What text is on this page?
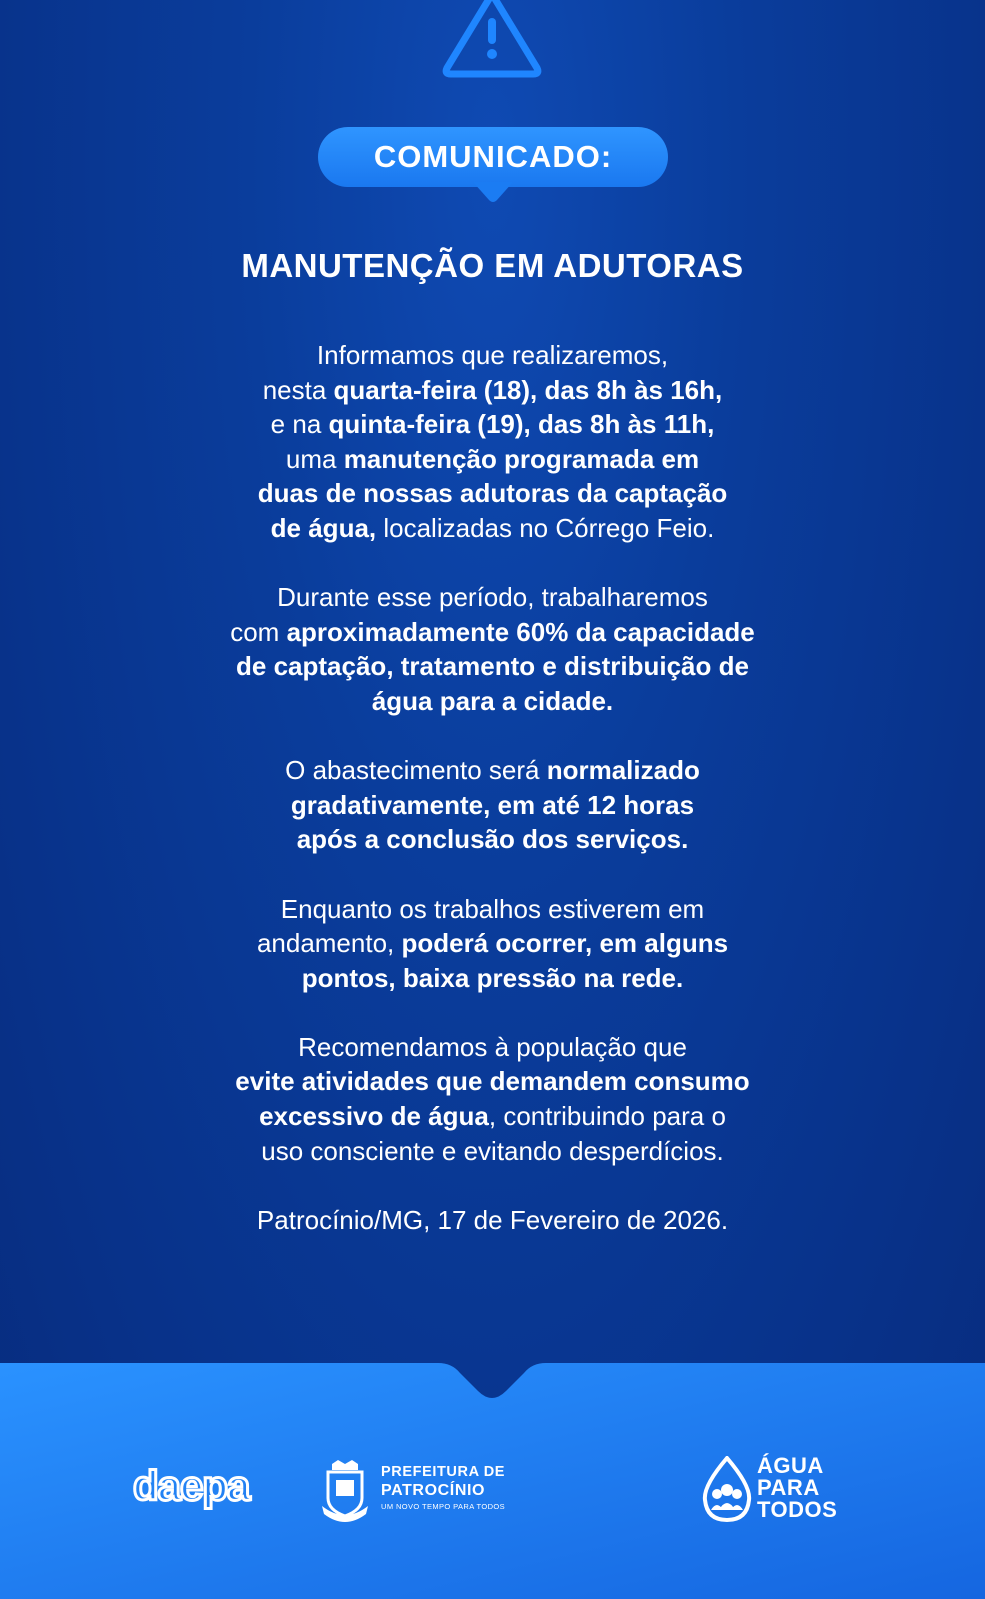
COMUNICADO:
MANUTENÇÃO EM ADUTORAS

Informamos que realizaremos,
nesta quarta-feira (18), das 8h às 16h,
e na quinta-feira (19), das 8h às 11h,
uma manutenção programada em
duas de nossas adutoras da captação
de água, localizadas no Córrego Feio.

Durante esse período, trabalharemos
com aproximadamente 60% da capacidade
de captação, tratamento e distribuição de
água para a cidade.

O abastecimento será normalizado
gradativamente, em até 12 horas
após a conclusão dos serviços.

Enquanto os trabalhos estiverem em
andamento, poderá ocorrer, em alguns
pontos, baixa pressão na rede.

Recomendamos à população que
evite atividades que demandem consumo
excessivo de água, contribuindo para o
uso consciente e evitando desperdícios.

Patrocínio/MG, 17 de Fevereiro de 2026.

daepa	PREFEITURA DE
PATROCÍNIO
UM NOVO TEMPO PARA TODOS
ÁGUA
PARA
TODOS
